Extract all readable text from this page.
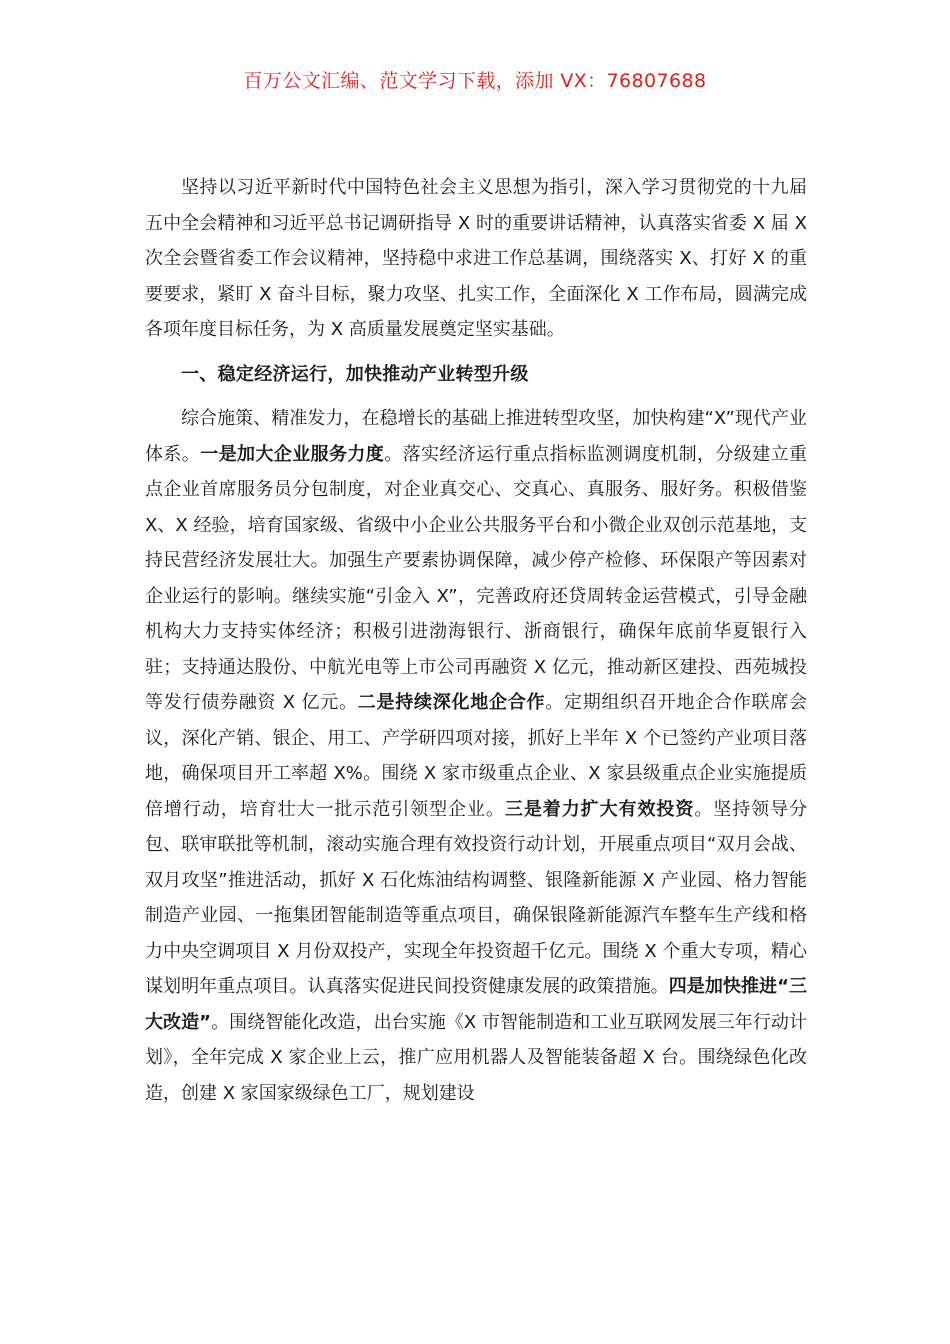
百万公文汇编、范文学习下载，添加 VX：76807688

坚持以习近平新时代中国特色社会主义思想为指引，深入学习贯彻党的十九届五中全会精神和习近平总书记调研指导 X 时的重要讲话精神，认真落实省委 X 届 X 次全会暨省委工作会议精神，坚持稳中求进工作总基调，围绕落实 X、打好 X 的重要要求，紧盯 X 奋斗目标，聚力攻坚、扎实工作，全面深化 X 工作布局，圆满完成各项年度目标任务，为 X 高质量发展奠定坚实基础。

一、稳定经济运行，加快推动产业转型升级

综合施策、精准发力，在稳增长的基础上推进转型攻坚，加快构建“X”现代产业体系。一是加大企业服务力度。落实经济运行重点指标监测调度机制，分级建立重点企业首席服务员分包制度，对企业真交心、交真心、真服务、服好务。积极借鉴 X、X 经验，培育国家级、省级中小企业公共服务平台和小微企业双创示范基地，支持民营经济发展壮大。加强生产要素协调保障，减少停产检修、环保限产等因素对企业运行的影响。继续实施“引金入 X”，完善政府还贷周转金运营模式，引导金融机构大力支持实体经济；积极引进渤海银行、浙商银行，确保年底前华夏银行入驻；支持通达股份、中航光电等上市公司再融资 X 亿元，推动新区建投、西苑城投等发行债券融资 X 亿元。二是持续深化地企合作。定期组织召开地企合作联席会议，深化产销、银企、用工、产学研四项对接，抓好上半年 X 个已签约产业项目落地，确保项目开工率超 X%。围绕 X 家市级重点企业、X 家县级重点企业实施提质倍增行动，培育壮大一批示范引领型企业。三是着力扩大有效投资。坚持领导分包、联审联批等机制，滚动实施合理有效投资行动计划，开展重点项目“双月会战、双月攻坚”推进活动，抓好 X 石化炼油结构调整、银隆新能源 X 产业园、格力智能制造产业园、一拖集团智能制造等重点项目，确保银隆新能源汽车整车生产线和格力中央空调项目 X 月份双投产，实现全年投资超千亿元。围绕 X 个重大专项，精心谋划明年重点项目。认真落实促进民间投资健康发展的政策措施。四是加快推进“三大改造”。围绕智能化改造，出台实施《X 市智能制造和工业互联网发展三年行动计划》，全年完成 X 家企业上云，推广应用机器人及智能装备超 X 台。围绕绿色化改造，创建 X 家国家级绿色工厂，规划建设
